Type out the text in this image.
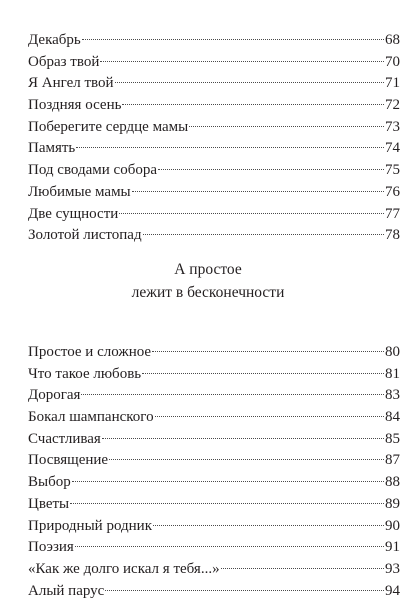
Декабрь	68
Образ твой	70
Я Ангел твой	71
Поздняя осень	72
Поберегите сердце мамы	73
Память	74
Под сводами собора	75
Любимые мамы	76
Две сущности	77
Золотой листопад	78
А простое
лежит в бесконечности
Простое и сложное	80
Что такое любовь	81
Дорогая	83
Бокал шампанского	84
Счастливая	85
Посвящение	87
Выбор	88
Цветы	89
Природный родник	90
Поэзия	91
«Как же долго искал я тебя...»	93
Алый парус	94
